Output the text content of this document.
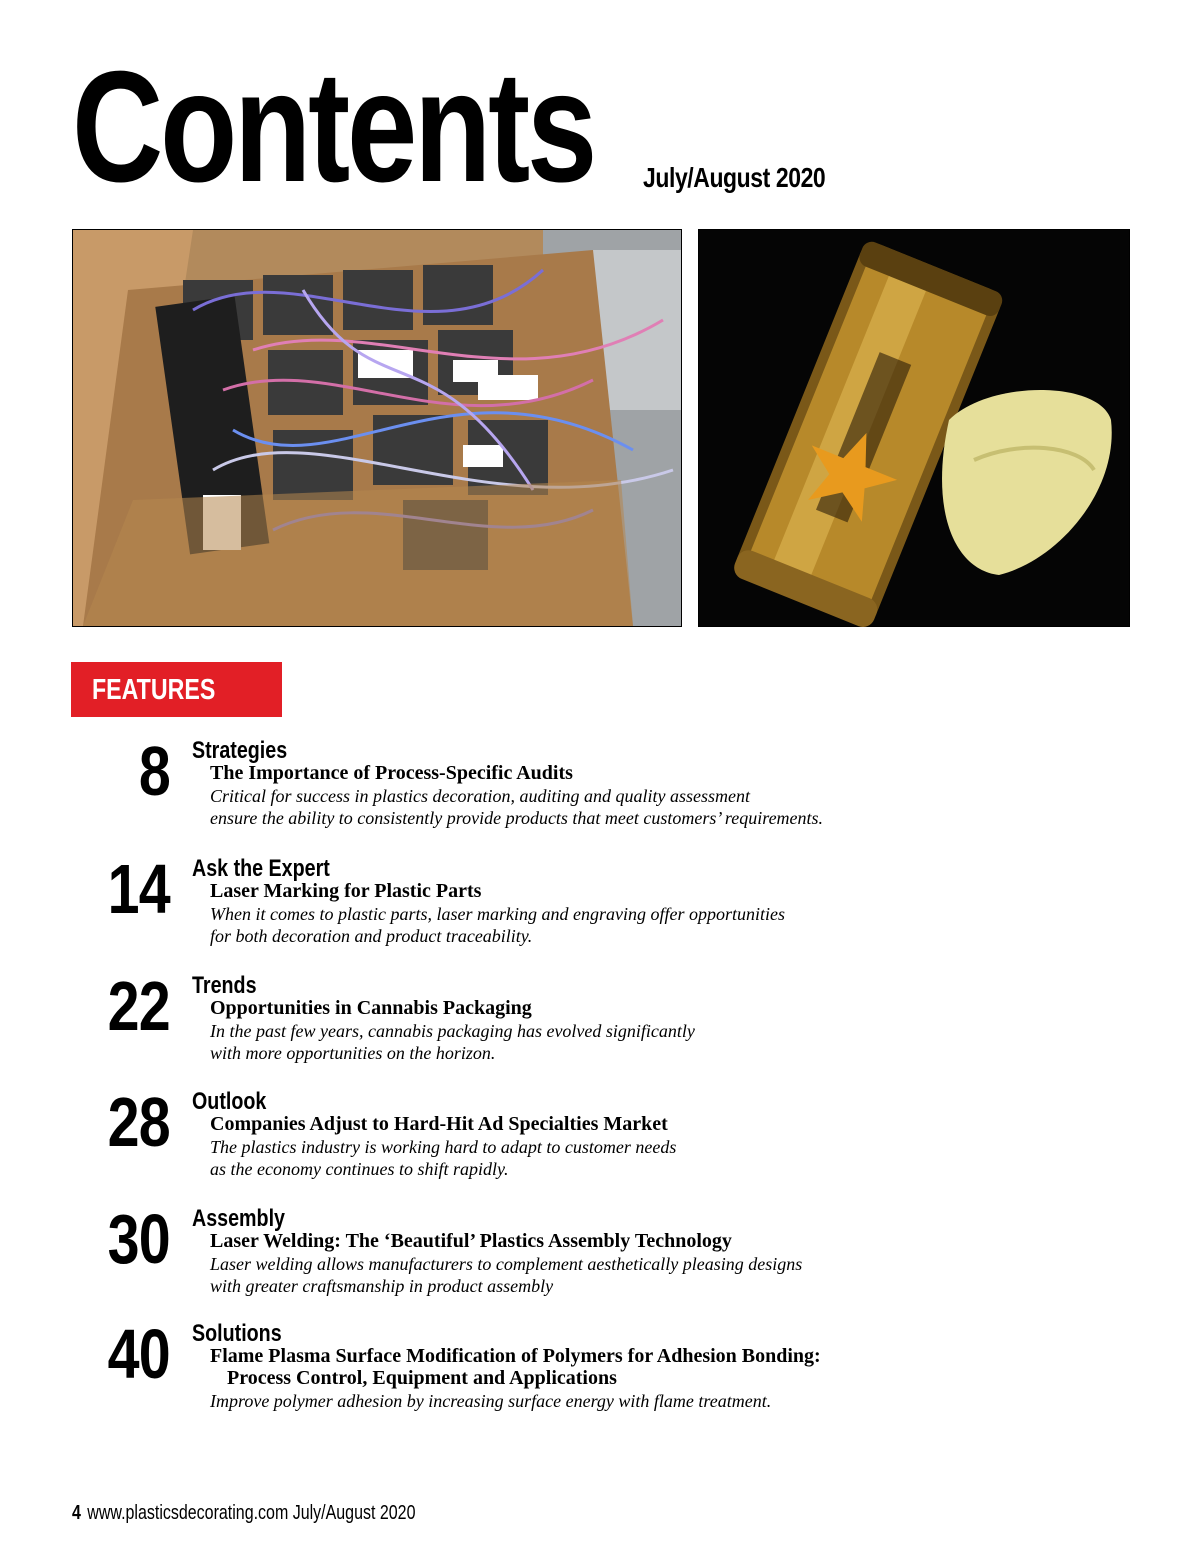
Contents July/August 2020
8	22
FEATURES
8 Strategies
The Importance of Process-Specific Audits
Critical for success in plastics decoration, auditing and quality assessment
ensure the ability to consistently provide products that meet customers’ requirements.
14 Ask the Expert
Laser Marking for Plastic Parts
When it comes to plastic parts, laser marking and engraving offer opportunities
for both decoration and product traceability.
22 Trends
Opportunities in Cannabis Packaging
In the past few years, cannabis packaging has evolved significantly
with more opportunities on the horizon.
28 Outlook
Companies Adjust to Hard-Hit Ad Specialties Market
The plastics industry is working hard to adapt to customer needs
as the economy continues to shift rapidly.
30 Assembly
Laser Welding: The ‘Beautiful’ Plastics Assembly Technology
Laser welding allows manufacturers to complement aesthetically pleasing designs
with greater craftsmanship in product assembly
40 Solutions
Flame Plasma Surface Modification of Polymers for Adhesion Bonding:
Process Control, Equipment and Applications
Improve polymer adhesion by increasing surface energy with flame treatment.
4 www.plasticsdecorating.com July/August 2020
